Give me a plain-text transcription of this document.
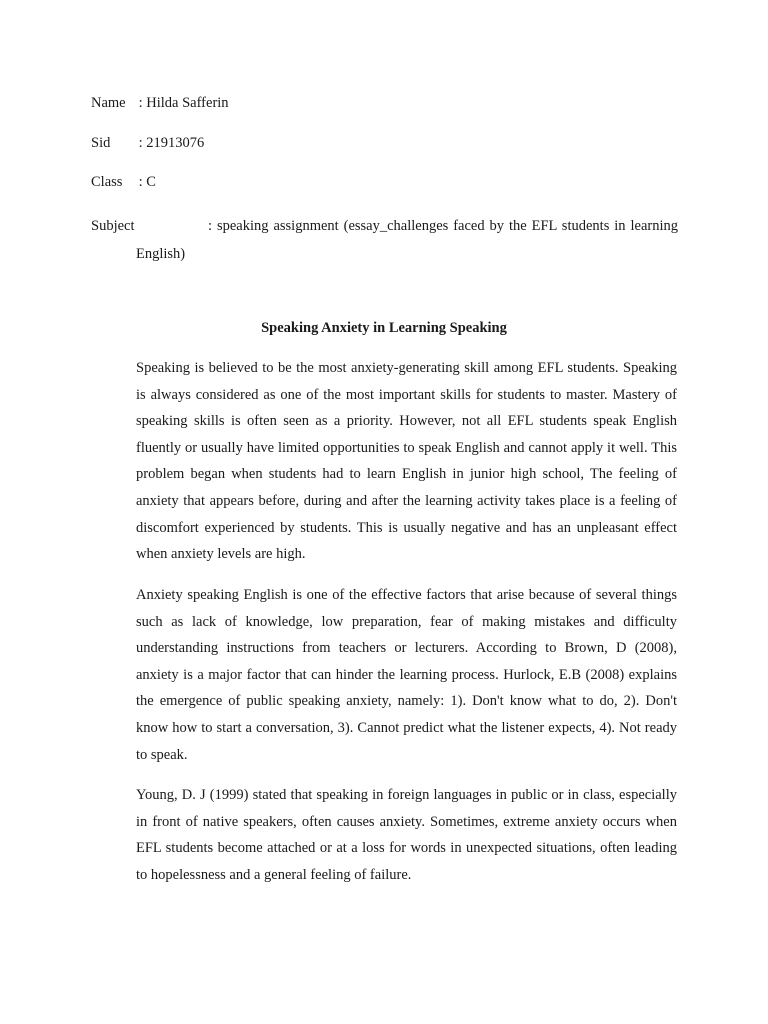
Name : Hilda Safferin
Sid : 21913076
Class : C
Subject	: speaking assignment (essay_challenges faced by the EFL students in learning
English)
Speaking Anxiety in Learning Speaking

Speaking is believed to be the most anxiety-generating skill among EFL students. Speaking is always considered as one of the most important skills for students to master. Mastery of speaking skills is often seen as a priority. However, not all EFL students speak English fluently or usually have limited opportunities to speak English and cannot apply it well. This problem began when students had to learn English in junior high school, The feeling of anxiety that appears before, during and after the learning activity takes place is a feeling of discomfort experienced by students. This is usually negative and has an unpleasant effect when anxiety levels are high.

Anxiety speaking English is one of the effective factors that arise because of several things such as lack of knowledge, low preparation, fear of making mistakes and difficulty understanding instructions from teachers or lecturers. According to Brown, D (2008), anxiety is a major factor that can hinder the learning process. Hurlock, E.B (2008) explains the emergence of public speaking anxiety, namely: 1). Don't know what to do, 2). Don't know how to start a conversation, 3). Cannot predict what the listener expects, 4). Not ready to speak.

Young, D. J (1999) stated that speaking in foreign languages in public or in class, especially in front of native speakers, often causes anxiety. Sometimes, extreme anxiety occurs when EFL students become attached or at a loss for words in unexpected situations, often leading to hopelessness and a general feeling of failure.
